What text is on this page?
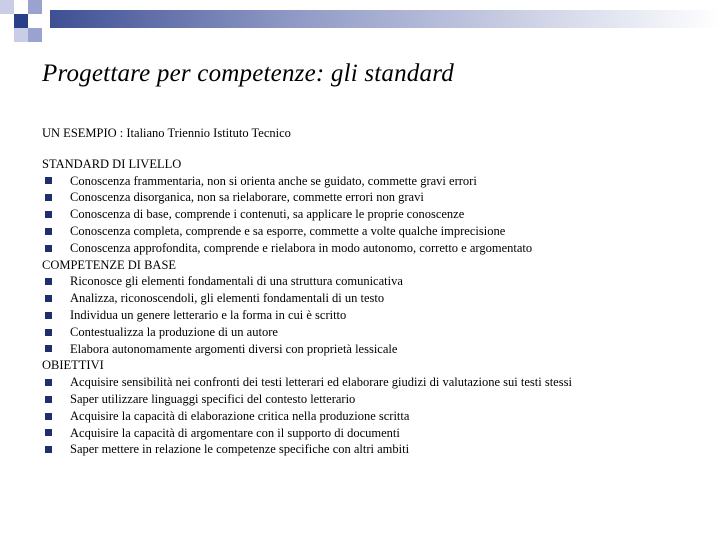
Progettare per competenze: gli standard
UN ESEMPIO : Italiano Triennio Istituto Tecnico
STANDARD DI LIVELLO
Conoscenza frammentaria, non si orienta anche se guidato, commette gravi errori
Conoscenza disorganica, non sa rielaborare, commette errori non gravi
Conoscenza di base, comprende i contenuti, sa applicare le proprie conoscenze
Conoscenza completa, comprende e sa esporre, commette a volte qualche imprecisione
Conoscenza approfondita, comprende e rielabora in modo autonomo, corretto e argomentato
COMPETENZE DI BASE
Riconosce gli elementi fondamentali di una struttura comunicativa
Analizza, riconoscendoli, gli elementi fondamentali di un testo
Individua un genere letterario e la forma in cui è scritto
Contestualizza la produzione di un autore
Elabora autonomamente argomenti diversi con proprietà lessicale
OBIETTIVI
Acquisire sensibilità nei confronti dei testi letterari ed elaborare giudizi di valutazione sui testi stessi
Saper utilizzare linguaggi specifici del contesto letterario
Acquisire la capacità di elaborazione critica nella produzione scritta
Acquisire la capacità di argomentare con il supporto di documenti
Saper mettere in relazione le competenze specifiche con altri ambiti
